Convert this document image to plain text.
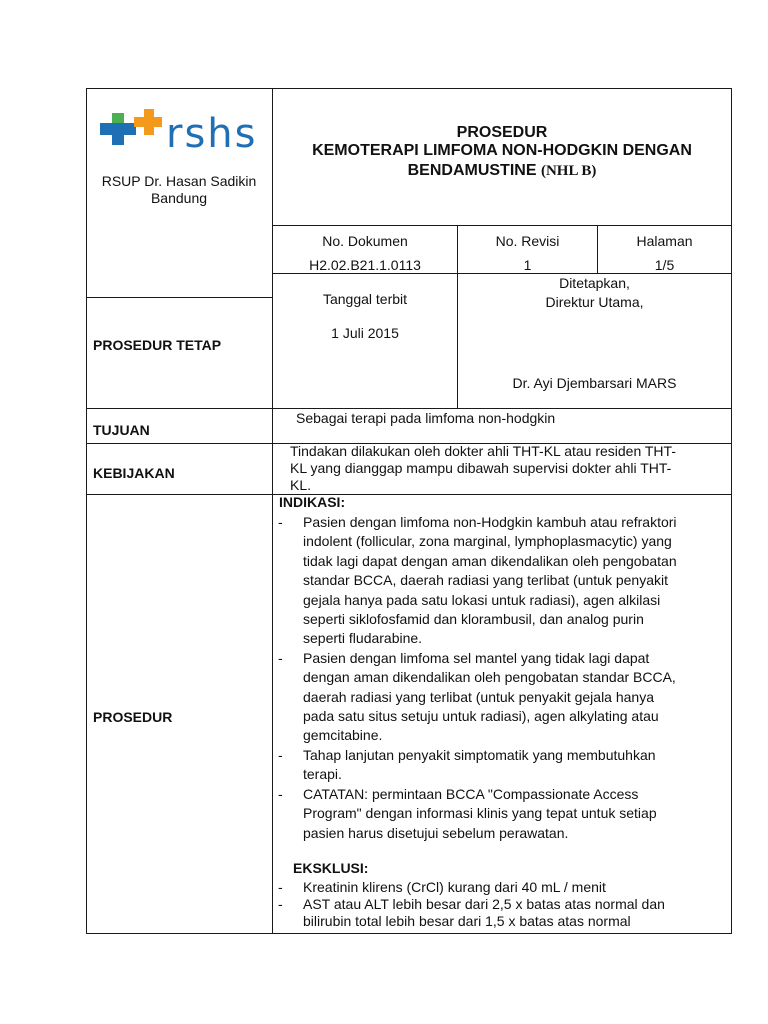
rshs
RSUP Dr. Hasan Sadikin
Bandung
PROSEDUR
KEMOTERAPI LIMFOMA NON-HODGKIN DENGAN
BENDAMUSTINE (NHL B)
No. Dokumen
H2.02.B21.1.0113
No. Revisi
1
Halaman
1/5
Tanggal terbit
1 Juli 2015
Ditetapkan,
Direktur Utama,
Dr. Ayi Djembarsari MARS
PROSEDUR TETAP
TUJUAN
KEBIJAKAN
PROSEDUR
Sebagai terapi pada limfoma non-hodgkin
Tindakan dilakukan oleh dokter ahli THT-KL atau residen THT-
KL yang dianggap mampu dibawah supervisi dokter ahli THT-
KL.
INDIKASI:
- Pasien dengan limfoma non-Hodgkin kambuh atau refraktori
indolent (follicular, zona marginal, lymphoplasmacytic) yang
tidak lagi dapat dengan aman dikendalikan oleh pengobatan
standar BCCA, daerah radiasi yang terlibat (untuk penyakit
gejala hanya pada satu lokasi untuk radiasi), agen alkilasi
seperti siklofosfamid dan klorambusil, dan analog purin
seperti fludarabine.
- Pasien dengan limfoma sel mantel yang tidak lagi dapat
dengan aman dikendalikan oleh pengobatan standar BCCA,
daerah radiasi yang terlibat (untuk penyakit gejala hanya
pada satu situs setuju untuk radiasi), agen alkylating atau
gemcitabine.
- Tahap lanjutan penyakit simptomatik yang membutuhkan
terapi.
- CATATAN: permintaan BCCA "Compassionate Access
Program" dengan informasi klinis yang tepat untuk setiap
pasien harus disetujui sebelum perawatan.
EKSKLUSI:
- Kreatinin klirens (CrCl) kurang dari 40 mL / menit
- AST atau ALT lebih besar dari 2,5 x batas atas normal dan
bilirubin total lebih besar dari 1,5 x batas atas normal
